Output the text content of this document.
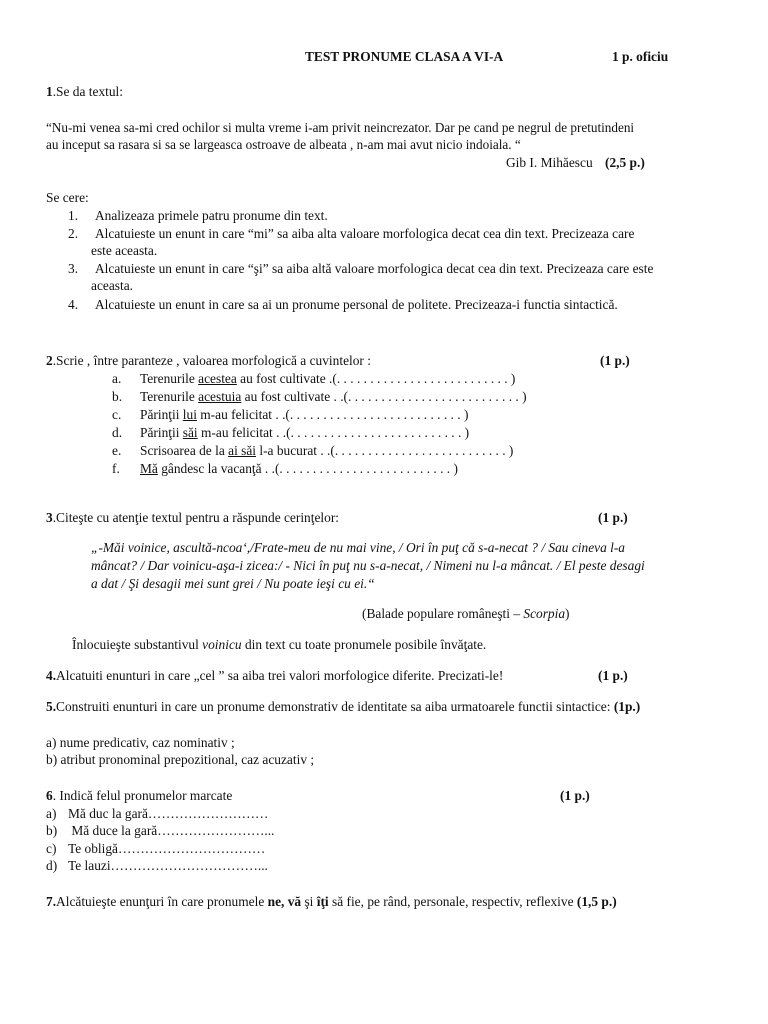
TEST PRONUME CLASA A VI-A	1 p. oficiu
1.Se da textul:
“Nu-mi venea sa-mi cred ochilor si multa vreme i-am privit neincrezator. Dar pe cand pe negrul de pretutindeni
au inceput sa rasara si sa se largeasca ostroave de albeata , n-am mai avut nicio indoiala. “
Gib I. Mihăescu (2,5 p.)
Se cere:
1. Analizeaza primele patru pronume din text.
2. Alcatuieste un enunt in care “mi” sa aiba alta valoare morfologica decat cea din text. Precizeaza care
este aceasta.
3. Alcatuieste un enunt in care “şi” sa aiba altă valoare morfologica decat cea din text. Precizeaza care este
aceasta.
4. Alcatuieste un enunt in care sa ai un pronume personal de politete. Precizeaza-i functia sintactică.
2.Scrie , între paranteze , valoarea morfologică a cuvintelor :	(1 p.)
a. Terenurile acestea au fost cultivate .(. . . . . . . . . . . . . . . . . . . . . . . . . . )
b. Terenurile acestuia au fost cultivate . .(. . . . . . . . . . . . . . . . . . . . . . . . . . )
c. Părinţii lui m-au felicitat . .(. . . . . . . . . . . . . . . . . . . . . . . . . . )
d. Părinţii săi m-au felicitat . .(. . . . . . . . . . . . . . . . . . . . . . . . . . )
e. Scrisoarea de la ai săi l-a bucurat . .(. . . . . . . . . . . . . . . . . . . . . . . . . . )
f. Mă gândesc la vacanţă . .(. . . . . . . . . . . . . . . . . . . . . . . . . . )
3.Citeşte cu atenţie textul pentru a răspunde cerinţelor:	(1 p.)
„-Măi voinice, ascultă-ncoa‘,/Frate-meu de nu mai vine, / Ori în puţ că s-a-necat ? / Sau cineva l-a
mâncat? / Dar voinicu-aşa-i zicea:/ - Nici în puţ nu s-a-necat, / Nimeni nu l-a mâncat. / El peste desagi
a dat / Şi desagii mei sunt grei / Nu poate ieşi cu ei.“
(Balade populare româneşti – Scorpia)
Înlocuieşte substantivul voinicu din text cu toate pronumele posibile învăţate.
4.Alcatuiti enunturi in care „cel ” sa aiba trei valori morfologice diferite. Precizati-le!	(1 p.)
5.Construiti enunturi in care un pronume demonstrativ de identitate sa aiba urmatoarele functii sintactice: (1p.)
a) nume predicativ, caz nominativ ;
b) atribut pronominal prepozitional, caz acuzativ ;
6. Indică felul pronumelor marcate	(1 p.)
a) Mă duc la gară………………………
b) Mă duce la gară……………………...
c) Te obligă……………………………
d) Te lauzi……………………………...
7.Alcătuieşte enunţuri în care pronumele ne, vă şi îţi să fie, pe rând, personale, respectiv, reflexive (1,5 p.)
